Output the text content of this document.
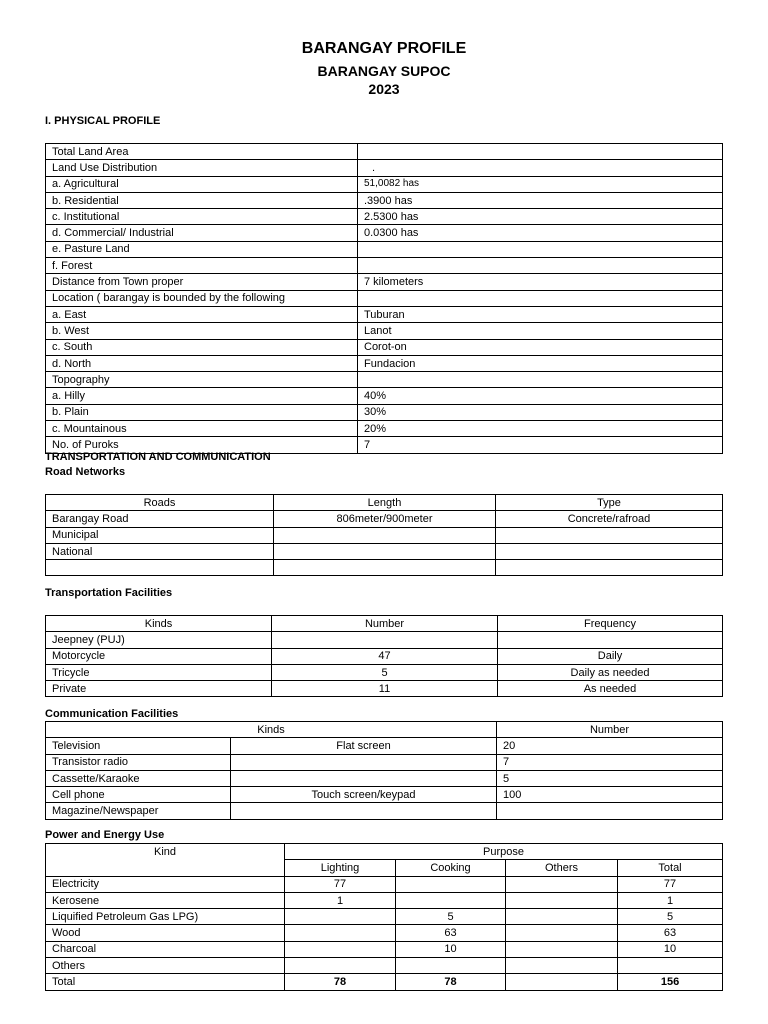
BARANGAY PROFILE
BARANGAY SUPOC
2023
I. PHYSICAL PROFILE
Total Land Area	
Land Use Distribution	.
a. Agricultural	51,0082 has
b. Residential	.3900 has
c. Institutional	2.5300 has
d. Commercial/ Industrial	0.0300 has
e. Pasture Land	
f. Forest	
Distance from Town proper	7 kilometers
Location ( barangay is bounded by the following	
a. East	Tuburan
b. West	Lanot
c. South	Corot-on
d. North	Fundacion
Topography	
a. Hilly	40%
b. Plain	30%
c. Mountainous	20%
No. of Puroks	7
TRANSPORTATION AND COMMUNICATION
Road Networks
Roads	Length	Type
Barangay Road	806meter/900meter	Concrete/rafroad
Municipal		
National		

Transportation Facilities
Kinds	Number	Frequency
Jeepney (PUJ)		
Motorcycle	47	Daily
Tricycle	5	Daily as needed
Private	11	As needed
Communication Facilities
Kinds		Number
Television	Flat screen	20
Transistor radio		7
Cassette/Karaoke		5
Cell phone	Touch screen/keypad	100
Magazine/Newspaper		
Power and Energy Use
Kind	Purpose			
	Lighting	Cooking	Others	Total
Electricity	77			77
Kerosene	1			1
Liquified Petroleum Gas LPG)		5		5
Wood		63		63
Charcoal		10		10
Others				
Total	78	78		156
